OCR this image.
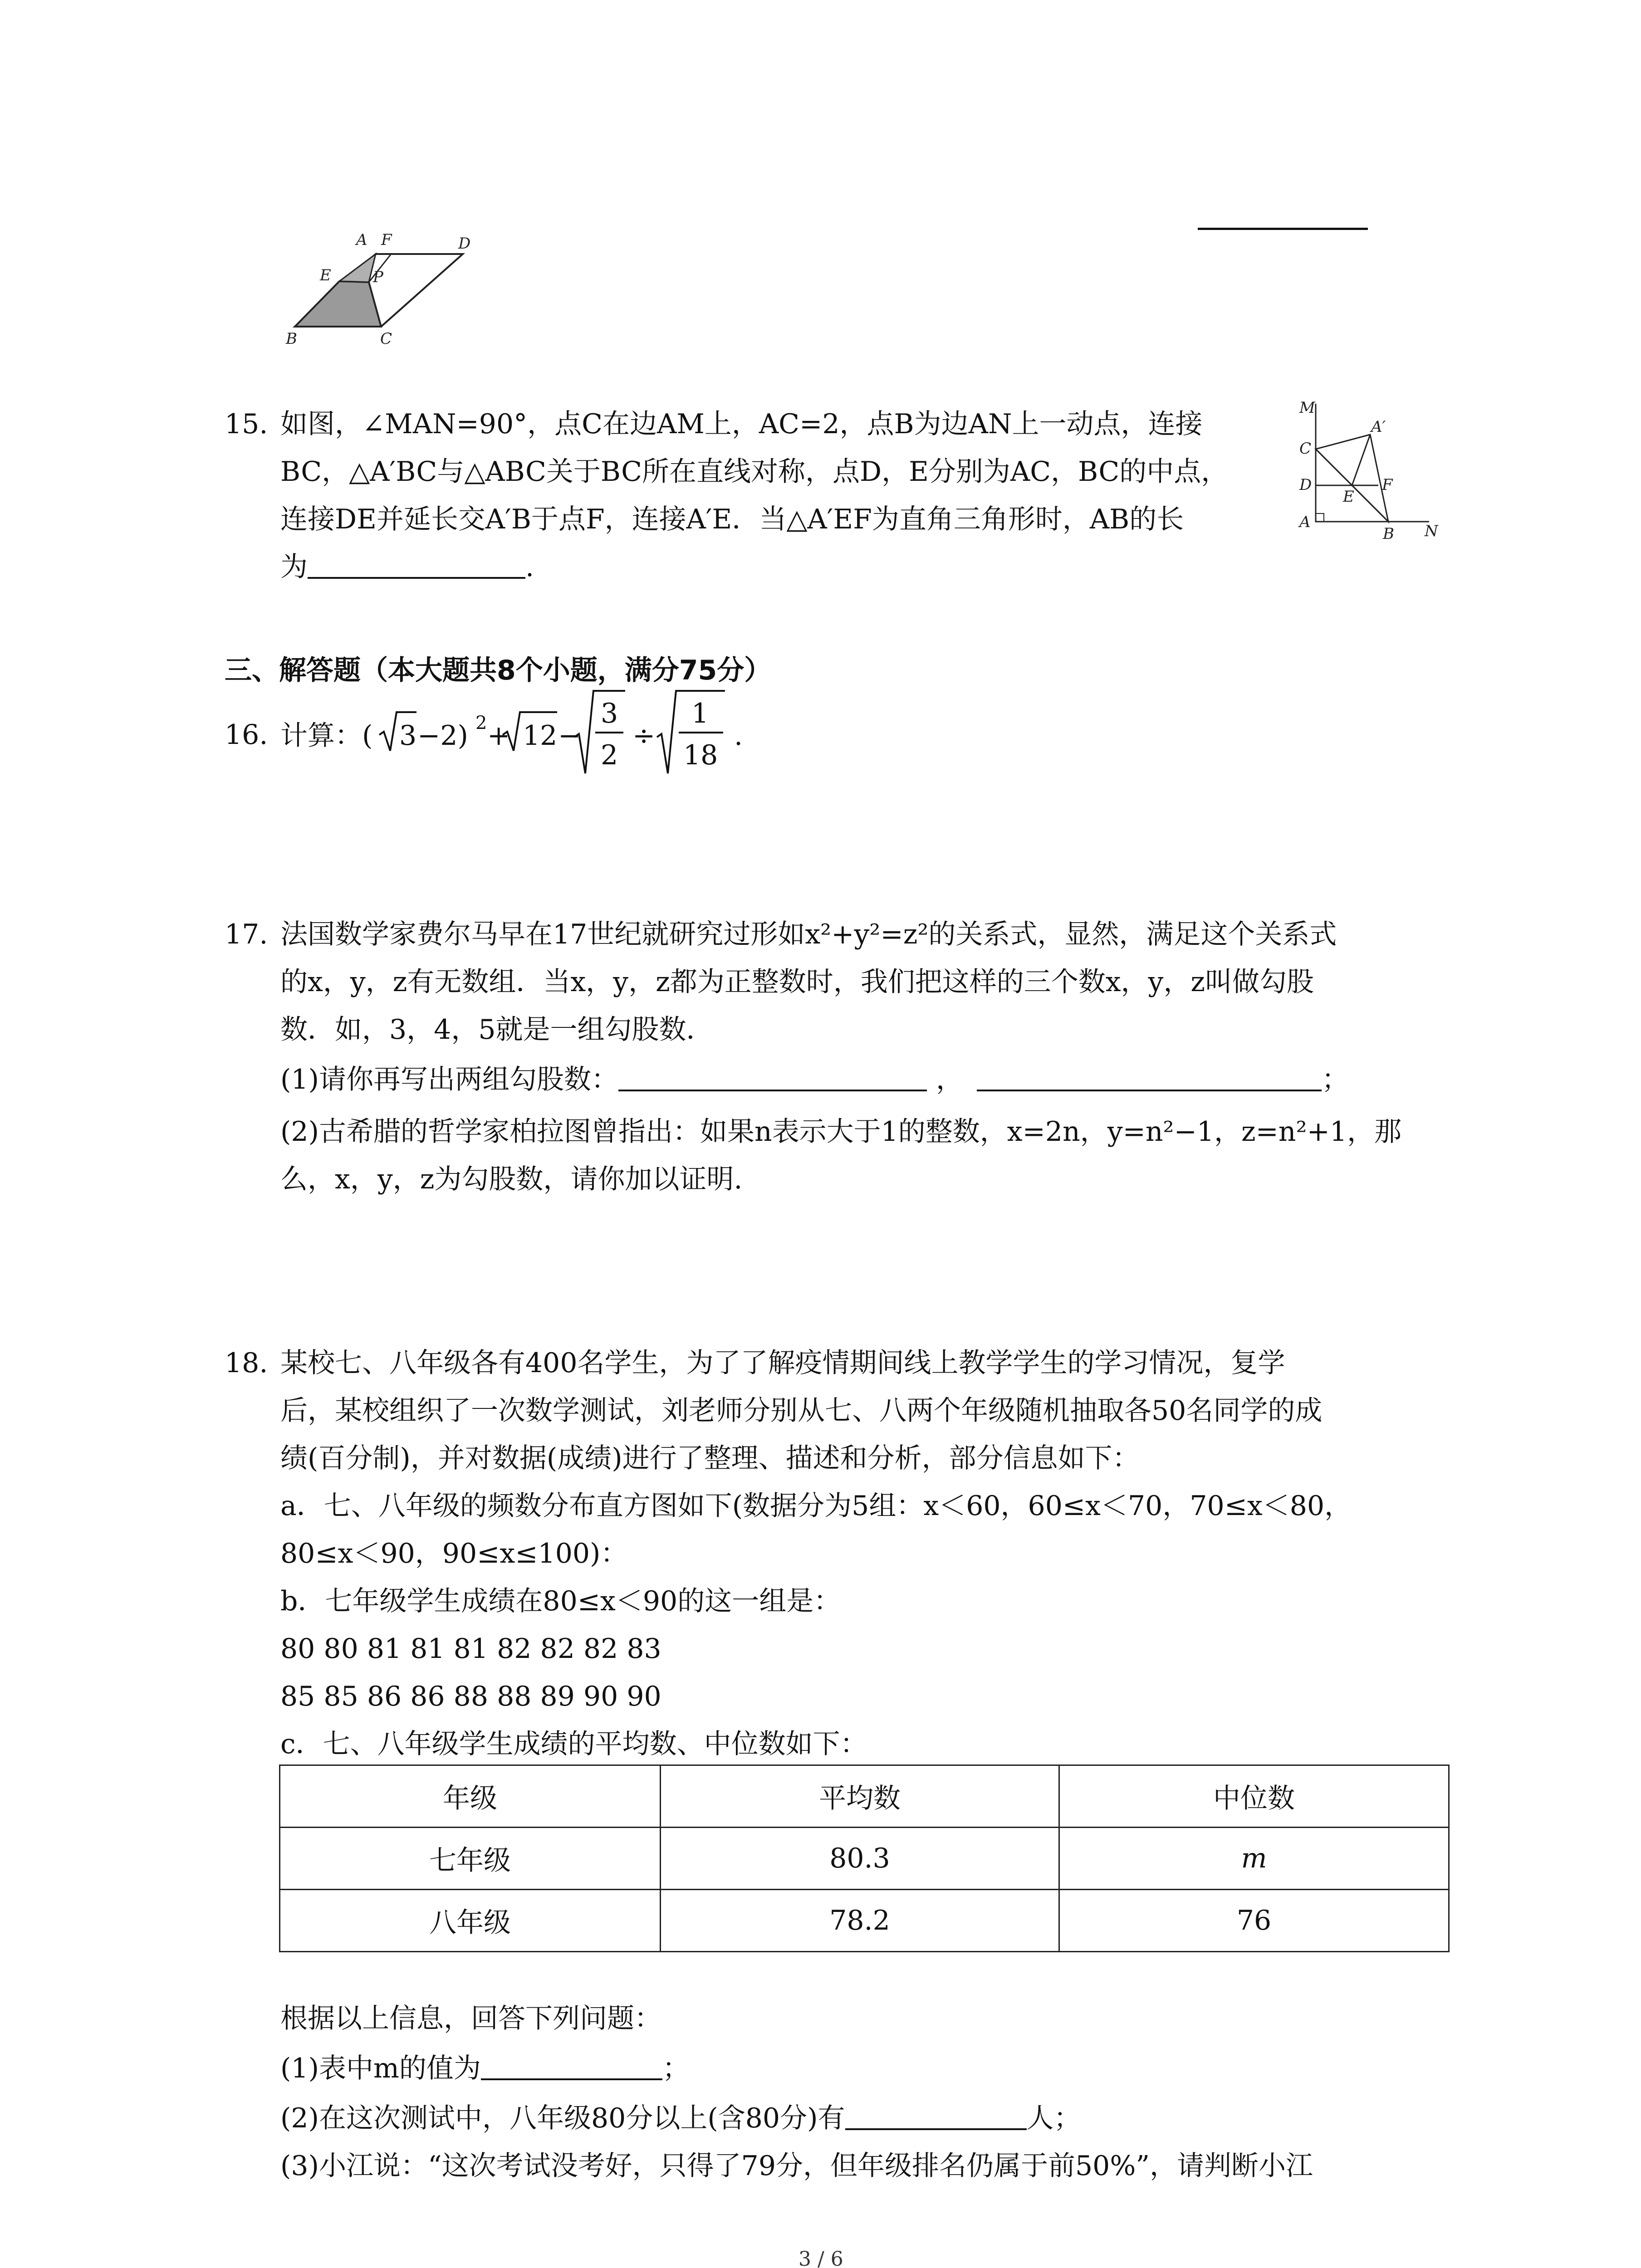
A F	D
E	P
B	C
15. 如图，∠MAN=90°，点C在边AM上，AC=2，点B为边AN上一动点，连接
BC，△A′BC与△ABC关于BC所在直线对称，点D，E分别为AC，BC的中点，
连接DE并延长交A′B于点F，连接A′E．当△A′EF为直角三角形时，AB的长
为	.
M
C
A′
D	F
E
A
B N
三、解答题（本大题共8个小题，满分75分）
16. 计算：( 3 −2) 2 + 12 −
3
2
÷
1
18
.
17. 法国数学家费尔马早在17世纪就研究过形如x²+y²=z²的关系式，显然，满足这个关系式
的x，y，z有无数组．当x，y，z都为正整数时，我们把这样的三个数x，y，z叫做勾股
数．如，3，4，5就是一组勾股数．
(1)请你再写出两组勾股数：	，	；
(2)古希腊的哲学家柏拉图曾指出：如果n表示大于1的整数，x=2n，y=n²−1，z=n²+1，那
么，x，y，z为勾股数，请你加以证明.
18. 某校七、八年级各有400名学生，为了了解疫情期间线上教学学生的学习情况，复学
后，某校组织了一次数学测试，刘老师分别从七、八两个年级随机抽取各50名同学的成
绩(百分制)，并对数据(成绩)进行了整理、描述和分析，部分信息如下：
a．七、八年级的频数分布直方图如下(数据分为5组：x＜60，60≤x＜70，70≤x＜80，
80≤x＜90，90≤x≤100)：
b．七年级学生成绩在80≤x＜90的这一组是：
80 80 81 81 81 82 82 82 83
85 85 86 86 88 88 89 90 90
c．七、八年级学生成绩的平均数、中位数如下：
年级	平均数	中位数
七年级	80.3	m
八年级	78.2	76
根据以上信息，回答下列问题：
(1)表中m的值为	；
(2)在这次测试中，八年级80分以上(含80分)有	人；
(3)小江说：“这次考试没考好，只得了79分，但年级排名仍属于前50%”，请判断小江
3 / 6
